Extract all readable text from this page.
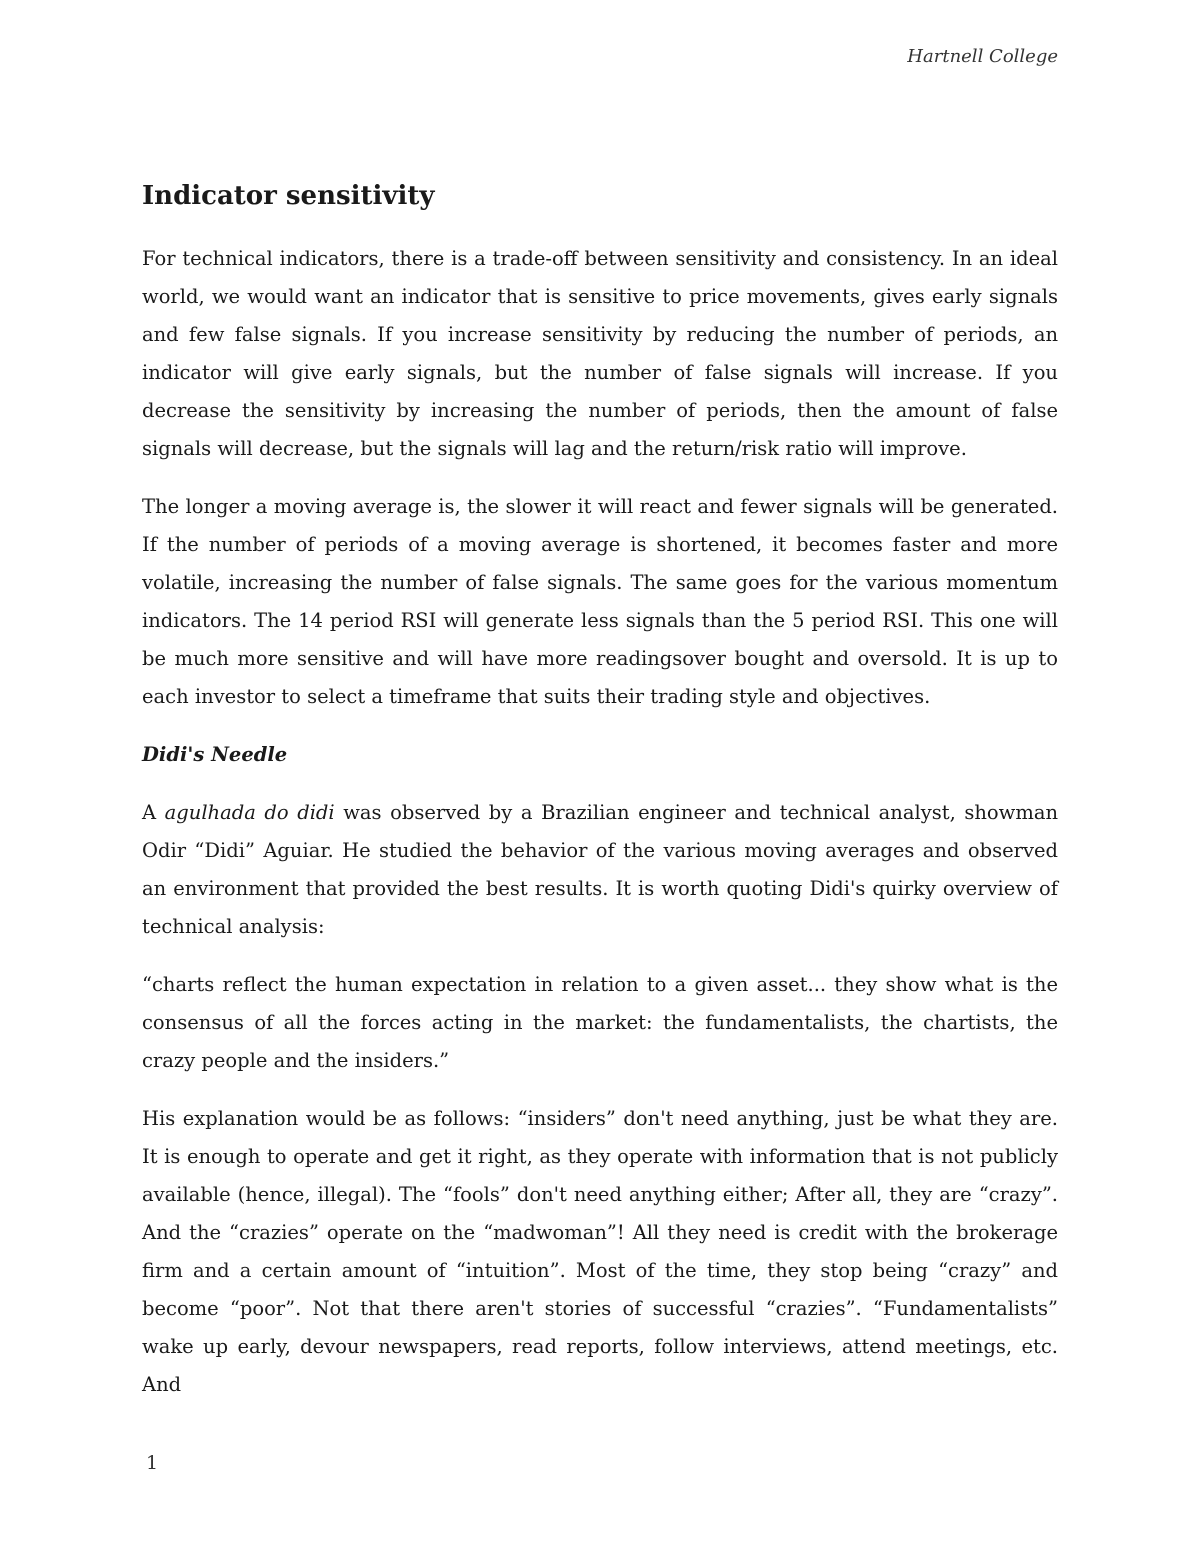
Hartnell College
Indicator sensitivity

For technical indicators, there is a trade-off between sensitivity and consistency. In an ideal world, we would want an indicator that is sensitive to price movements, gives early signals and few false signals. If you increase sensitivity by reducing the number of periods, an indicator will give early signals, but the number of false signals will increase. If you decrease the sensitivity by increasing the number of periods, then the amount of false signals will decrease, but the signals will lag and the return/risk ratio will improve.

The longer a moving average is, the slower it will react and fewer signals will be generated. If the number of periods of a moving average is shortened, it becomes faster and more volatile, increasing the number of false signals. The same goes for the various momentum indicators. The 14 period RSI will generate less signals than the 5 period RSI. This one will be much more sensitive and will have more readingsover bought and oversold. It is up to each investor to select a timeframe that suits their trading style and objectives.

Didi's Needle

A agulhada do didi was observed by a Brazilian engineer and technical analyst, showman Odir “Didi” Aguiar. He studied the behavior of the various moving averages and observed an environment that provided the best results. It is worth quoting Didi's quirky overview of technical analysis:

“charts reflect the human expectation in relation to a given asset... they show what is the consensus of all the forces acting in the market: the fundamentalists, the chartists, the crazy people and the insiders.”

His explanation would be as follows: “insiders” don't need anything, just be what they are. It is enough to operate and get it right, as they operate with information that is not publicly available (hence, illegal). The “fools” don't need anything either; After all, they are “crazy”. And the “crazies” operate on the “madwoman”! All they need is credit with the brokerage firm and a certain amount of “intuition”. Most of the time, they stop being “crazy” and become “poor”. Not that there aren't stories of successful “crazies”. “Fundamentalists” wake up early, devour newspapers, read reports, follow interviews, attend meetings, etc. And

1
